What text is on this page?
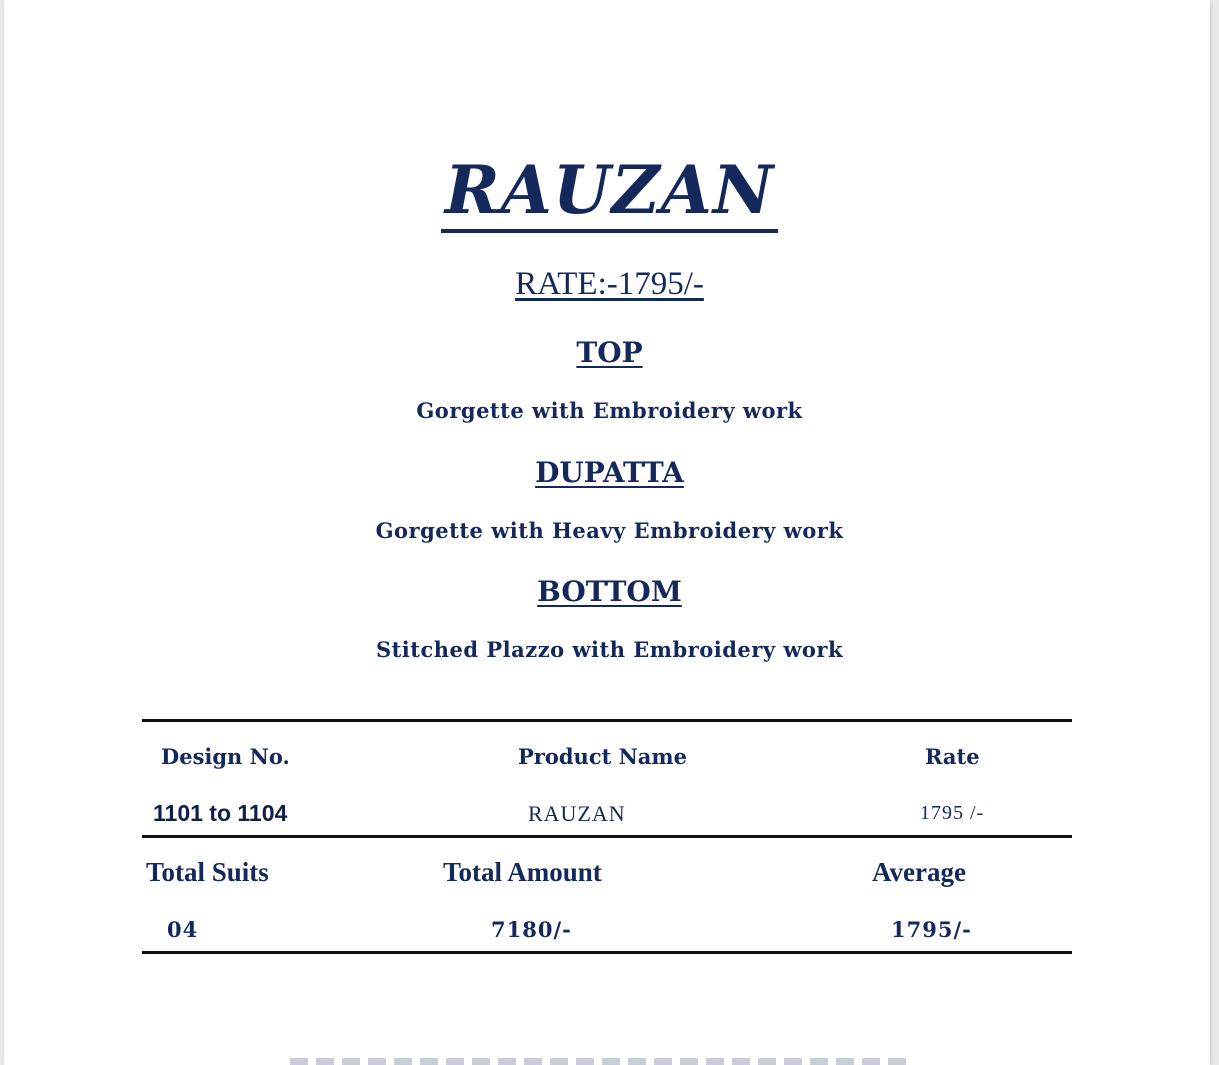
RAUZAN
RATE:-1795/-
TOP
Gorgette with Embroidery work
DUPATTA
Gorgette with Heavy Embroidery work
BOTTOM
Stitched Plazzo with Embroidery work
Design No.	Product Name	Rate
1101 to 1104	RAUZAN	1795 /-
Total Suits	Total Amount	Average
04	7180/-	1795/-
